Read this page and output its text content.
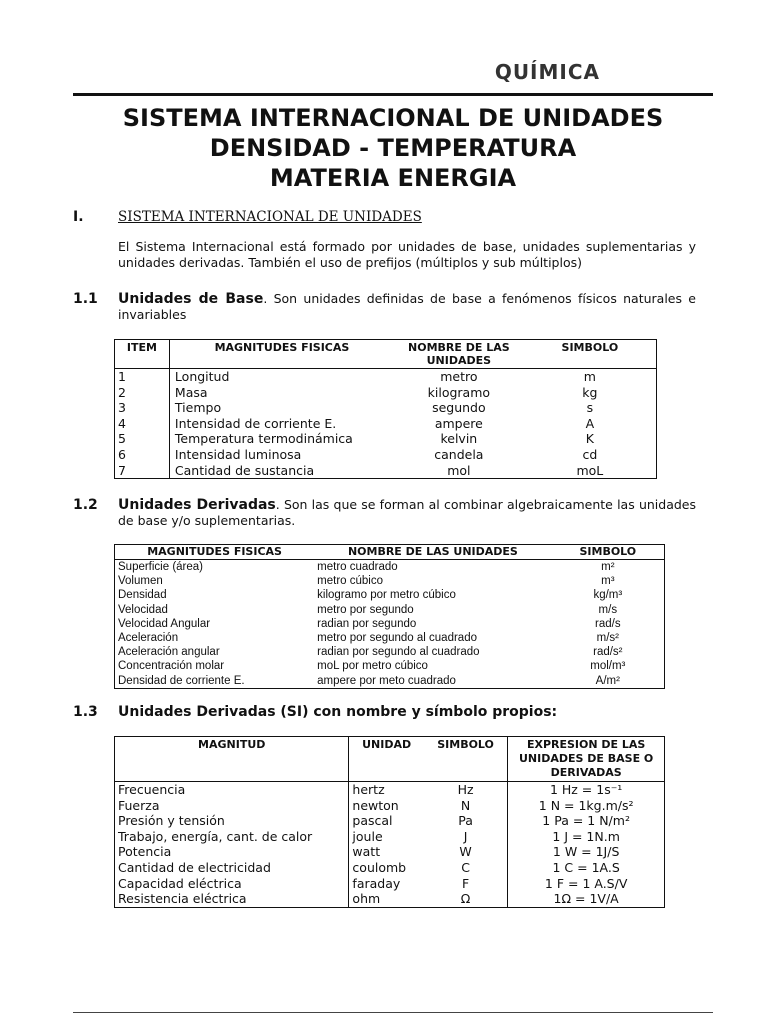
QUÍMICA
SISTEMA INTERNACIONAL DE UNIDADES
DENSIDAD - TEMPERATURA
MATERIA ENERGIA
I.	SISTEMA INTERNACIONAL DE UNIDADES
El Sistema Internacional está formado por unidades de base, unidades suplementarias y unidades derivadas. También el uso de prefijos (múltiplos y sub múltiplos)
1.1 Unidades de Base. Son unidades definidas de base a fenómenos físicos naturales e invariables
ITEM	MAGNITUDES FISICAS	NOMBRE DE LAS UNIDADES	SIMBOLO
1	Longitud	metro	m
2	Masa	kilogramo	kg
3	Tiempo	segundo	s
4	Intensidad de corriente E.	ampere	A
5	Temperatura termodinámica	kelvin	K
6	Intensidad luminosa	candela	cd
7	Cantidad de sustancia	mol	moL
1.2 Unidades Derivadas. Son las que se forman al combinar algebraicamente las unidades de base y/o suplementarias.
MAGNITUDES FISICAS	NOMBRE DE LAS UNIDADES	SIMBOLO
Superficie (área)	metro cuadrado	m²
Volumen	metro cúbico	m³
Densidad	kilogramo por metro cúbico	kg/m³
Velocidad	metro por segundo	m/s
Velocidad Angular	radian por segundo	rad/s
Aceleración	metro por segundo al cuadrado	m/s²
Aceleración angular	radian por segundo al cuadrado	rad/s²
Concentración molar	moL por metro cúbico	mol/m³
Densidad de corriente E.	ampere por meto cuadrado	A/m²
1.3 Unidades Derivadas (SI) con nombre y símbolo propios:
MAGNITUD	UNIDAD	SIMBOLO	EXPRESION DE LAS UNIDADES DE BASE O DERIVADAS
Frecuencia	hertz	Hz	1 Hz = 1s⁻¹
Fuerza	newton	N	1 N = 1kg.m/s²
Presión y tensión	pascal	Pa	1 Pa = 1 N/m²
Trabajo, energía, cant. de calor	joule	J	1 J = 1N.m
Potencia	watt	W	1 W = 1J/S
Cantidad de electricidad	coulomb	C	1 C = 1A.S
Capacidad eléctrica	faraday	F	1 F = 1 A.S/V
Resistencia eléctrica	ohm	Ω	1Ω = 1V/A
